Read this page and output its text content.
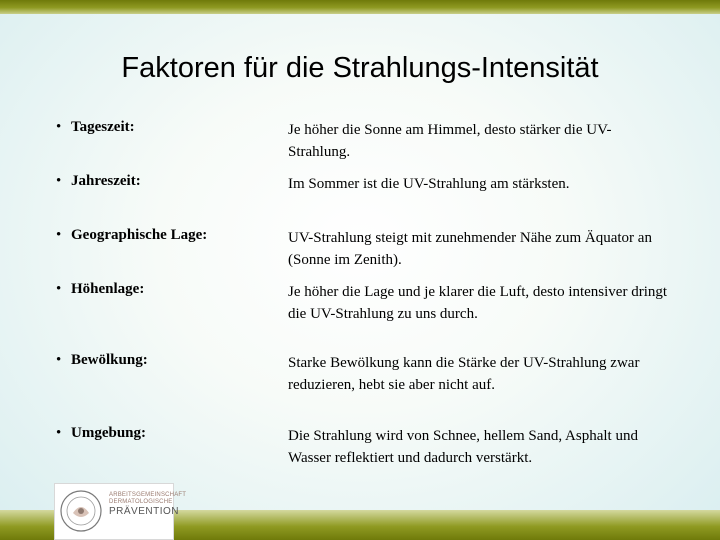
Faktoren für die Strahlungs-Intensität
• Tageszeit:	Je höher die Sonne am Himmel, desto stärker die UV-Strahlung.
• Jahreszeit:	Im Sommer ist die UV-Strahlung am stärksten.
• Geographische Lage:	UV-Strahlung steigt mit zunehmender Nähe zum Äquator an (Sonne im Zenith).
• Höhenlage:	Je höher die Lage und je klarer die Luft, desto intensiver dringt die UV-Strahlung zu uns durch.
• Bewölkung:	Starke Bewölkung kann die Stärke der UV-Strahlung zwar reduzieren, hebt sie aber nicht auf.
• Umgebung:	Die Strahlung wird von Schnee, hellem Sand, Asphalt und Wasser reflektiert und dadurch verstärkt.
ARBEITSGEMEINSCHAFT DERMATOLOGISCHE
PRÄVENTION
